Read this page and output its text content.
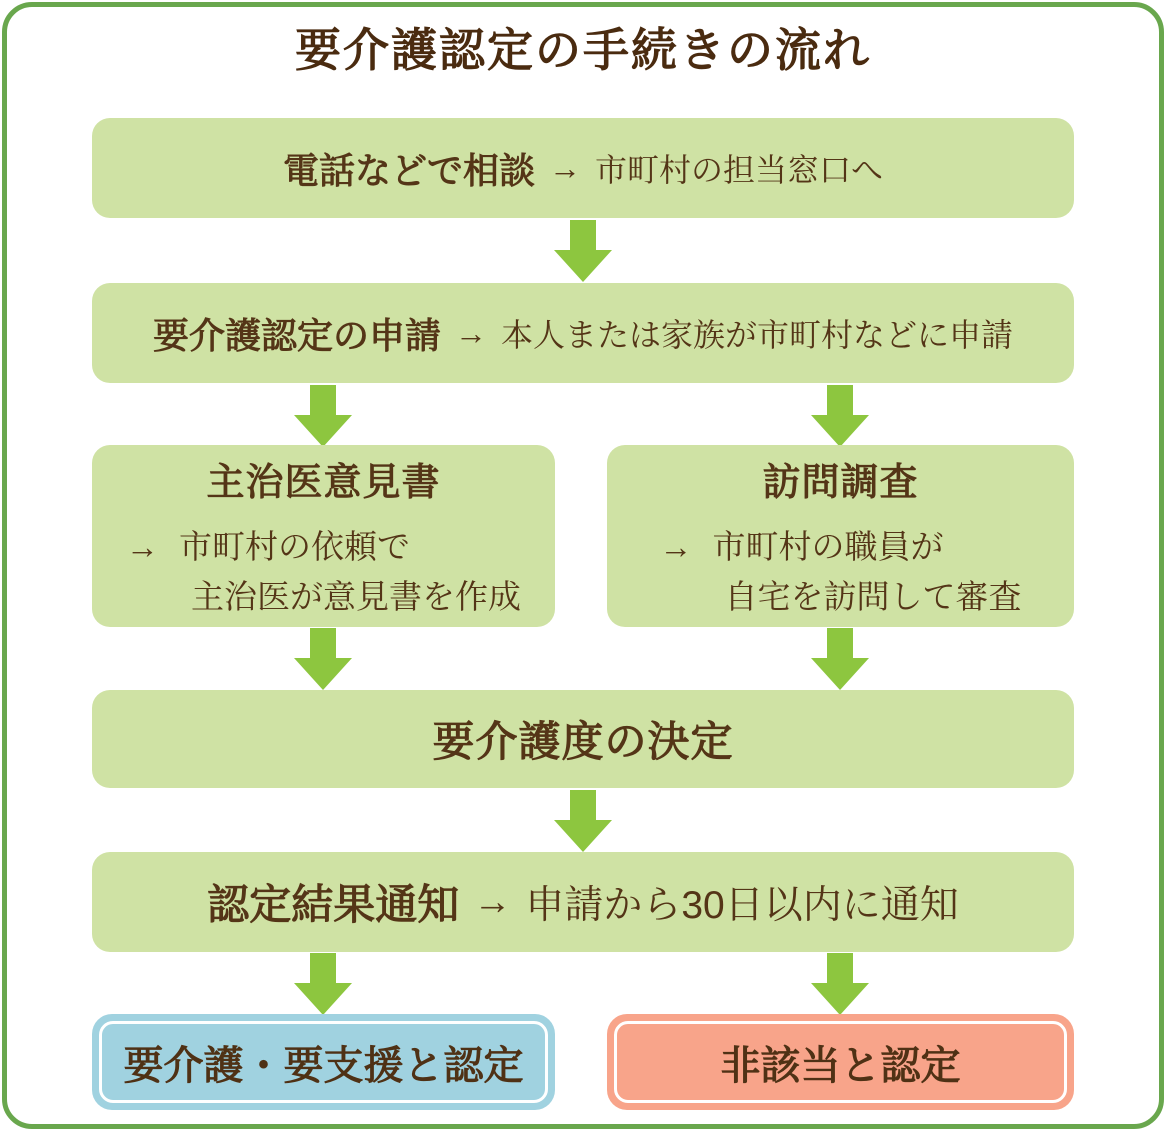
要介護認定の手続きの流れ
電話などで相談 → 市町村の担当窓口へ
要介護認定の申請 → 本人または家族が市町村などに申請
主治医意見書
→ 市町村の依頼で
主治医が意見書を作成
訪問調査
→ 市町村の職員が
自宅を訪問して審査
要介護度の決定
認定結果通知 → 申請から30日以内に通知
要介護・要支援と認定	非該当と認定
